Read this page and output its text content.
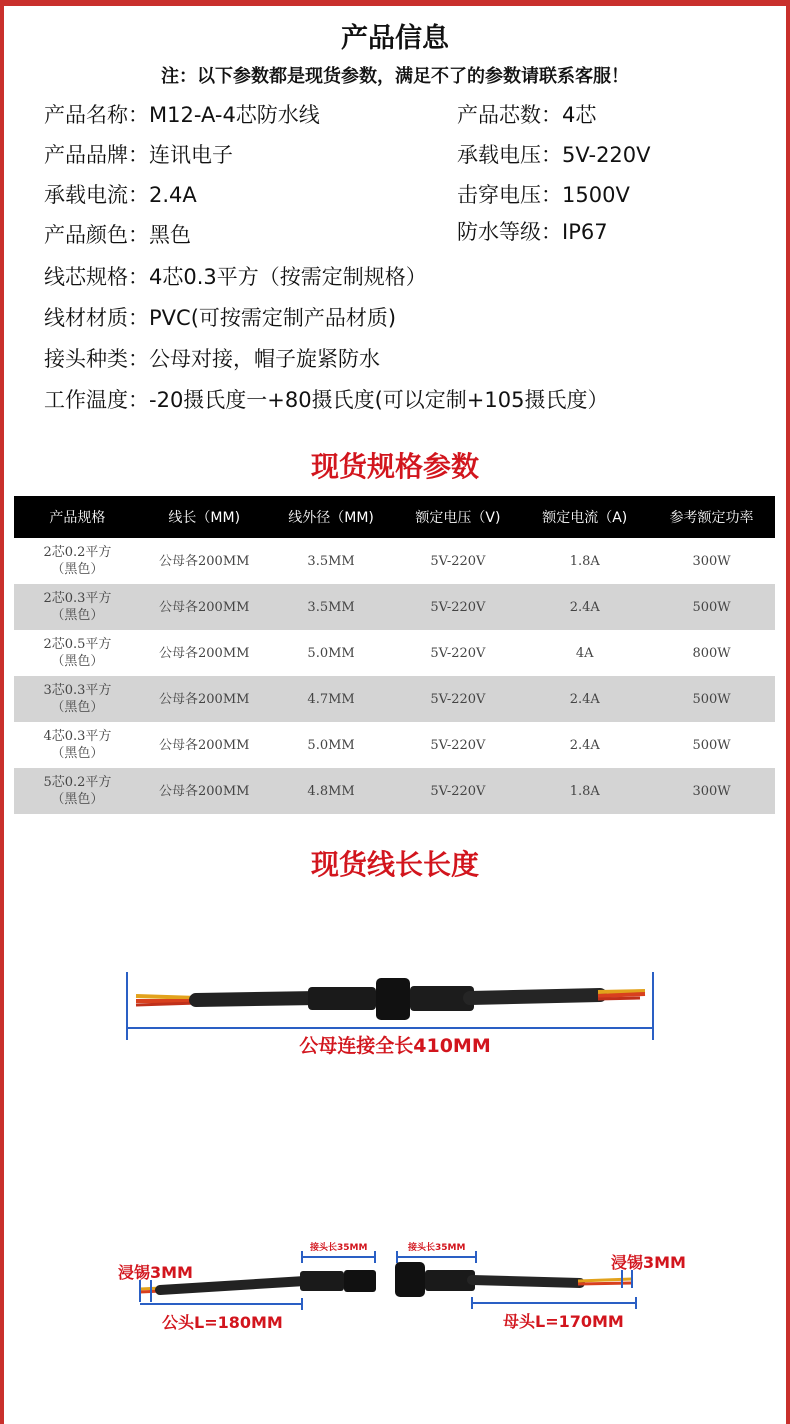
产品信息
注：以下参数都是现货参数，满足不了的参数请联系客服！
产品名称：M12-A-4芯防水线	产品芯数：4芯
产品品牌：连讯电子	承载电压：5V-220V
承载电流：2.4A	击穿电压：1500V
产品颜色：黑色	防水等级：IP67
线芯规格：4芯0.3平方（按需定制规格）
线材材质：PVC(可按需定制产品材质)
接头种类：公母对接，帽子旋紧防水
工作温度：-20摄氏度一+80摄氏度(可以定制+105摄氏度）
现货规格参数
产品规格	线长（MM)	线外径（MM)	额定电压（V)	额定电流（A)	参考额定功率

2芯0.2平方
（黑色）	公母各200MM	3.5MM	5V-220V	1.8A	300W

2芯0.3平方
（黑色）	公母各200MM	3.5MM	5V-220V	2.4A	500W

2芯0.5平方
（黑色）	公母各200MM	5.0MM	5V-220V	4A	800W

3芯0.3平方
（黑色）	公母各200MM	4.7MM	5V-220V	2.4A	500W

4芯0.3平方
（黑色）	公母各200MM	5.0MM	5V-220V	2.4A	500W

5芯0.2平方
（黑色）	公母各200MM	4.8MM	5V-220V	1.8A	300W
现货线长长度
公母连接全长410MM
接头长35MM	接头长35MM
浸锡3MM
浸锡3MM
公头L=180MM	母头L=170MM
